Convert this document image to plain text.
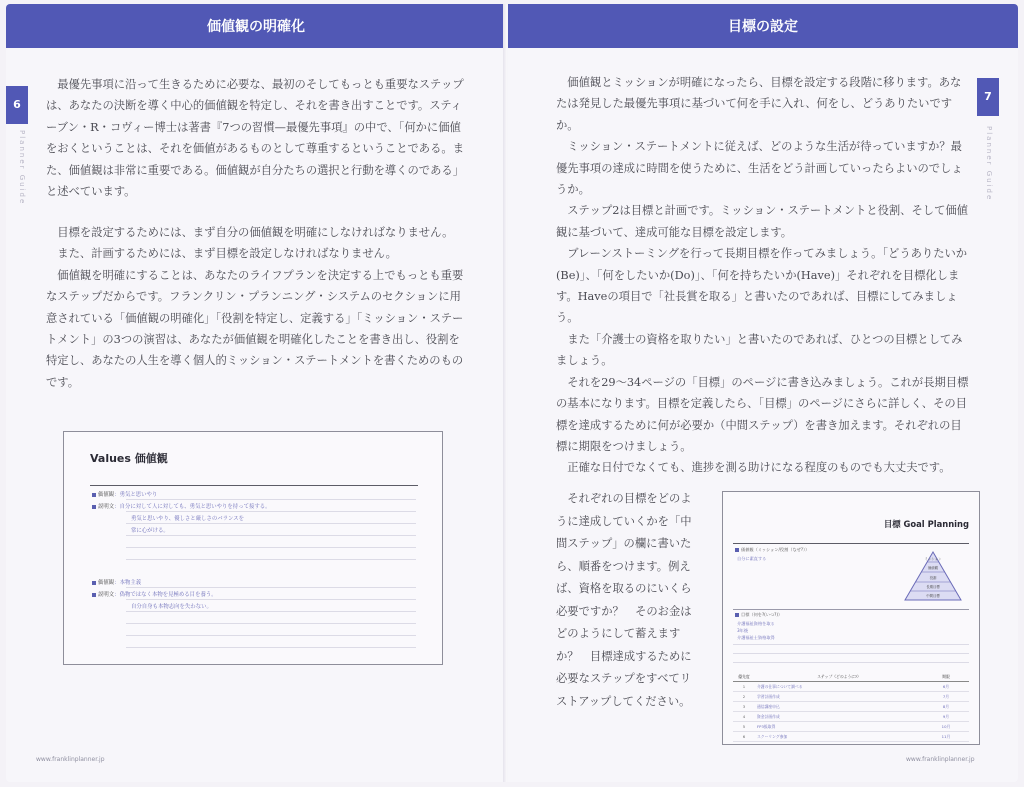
価値観の明確化
6
Planner Guide

最優先事項に沿って生きるために必要な、最初のそしてもっとも重要なステップは、あなたの決断を導く中心的価値観を特定し、それを書き出すことです。スティーブン・R・コヴィー博士は著書『7つの習慣—最優先事項』の中で、「何かに価値をおくということは、それを価値があるものとして尊重するということである。また、価値観は非常に重要である。価値観が自分たちの選択と行動を導くのである」と述べています。

目標を設定するためには、まず自分の価値観を明確にしなければなりません。

また、計画するためには、まず目標を設定しなければなりません。

価値観を明確にすることは、あなたのライフプランを決定する上でもっとも重要なステップだからです。フランクリン・プランニング・システムのセクションに用意されている「価値観の明確化」「役割を特定し、定義する」「ミッション・ステートメント」の3つの演習は、あなたが価値観を明確化したことを書き出し、役割を特定し、あなたの人生を導く個人的ミッション・ステートメントを書くためのものです。

Values 価値観
価値観：勇気と思いやり
説明文：自分に対して人に対しても、勇気と思いやりを持って接する。
勇気と思いやり、優しさと厳しさのバランスを
常に心がける。
価値観：本物主義
説明文：偽物ではなく本物を見極める目を養う。
自分自身も本物志向を失わない。
www.franklinplanner.jp
目標の設定
7
Planner Guide

価値観とミッションが明確になったら、目標を設定する段階に移ります。あなたは発見した最優先事項に基づいて何を手に入れ、何をし、どうありたいですか。

ミッション・ステートメントに従えば、どのような生活が待っていますか？最優先事項の達成に時間を使うために、生活をどう計画していったらよいのでしょうか。

ステップ2は目標と計画です。ミッション・ステートメントと役割、そして価値観に基づいて、達成可能な目標を設定します。

ブレーンストーミングを行って長期目標を作ってみましょう。「どうありたいか(Be)」、「何をしたいか(Do)」、「何を持ちたいか(Have)」それぞれを目標化します。Haveの項目で「社長賞を取る」と書いたのであれば、目標にしてみましょう。

また「介護士の資格を取りたい」と書いたのであれば、ひとつの目標としてみましょう。

それを29～34ページの「目標」のページに書き込みましょう。これが長期目標の基本になります。目標を定義したら、「目標」のページにさらに詳しく、その目標を達成するために何が必要か（中間ステップ）を書き加えます。それぞれの目標に期限をつけましょう。

正確な日付でなくても、進捗を測る助けになる程度のものでも大丈夫です。

それぞれの目標をどのように達成していくかを「中間ステップ」の欄に書いたら、順番をつけます。例えば、資格を取るのにいくら必要ですか？　そのお金はどのようにして蓄えますか？　目標達成するために必要なステップをすべてリストアップしてください。

目標 Goal Planning
価値観（ミッション/役割（なぜ?））
自分に素直する	ミッション
価値観
役割
長期目標
中間目標
目標（何を?(いつ?)）
介護福祉資格を取る
3年後
介護福祉士資格取得
優先度	ステップ（どのように?）	期限
1	介護の仕事について調べる	6月
2	学習計画作成	7月
3	通信講座申込	8月
4	資金計画作成	9月
5	FP3級取得	10月
6	スクーリング参加	11月
www.franklinplanner.jp
